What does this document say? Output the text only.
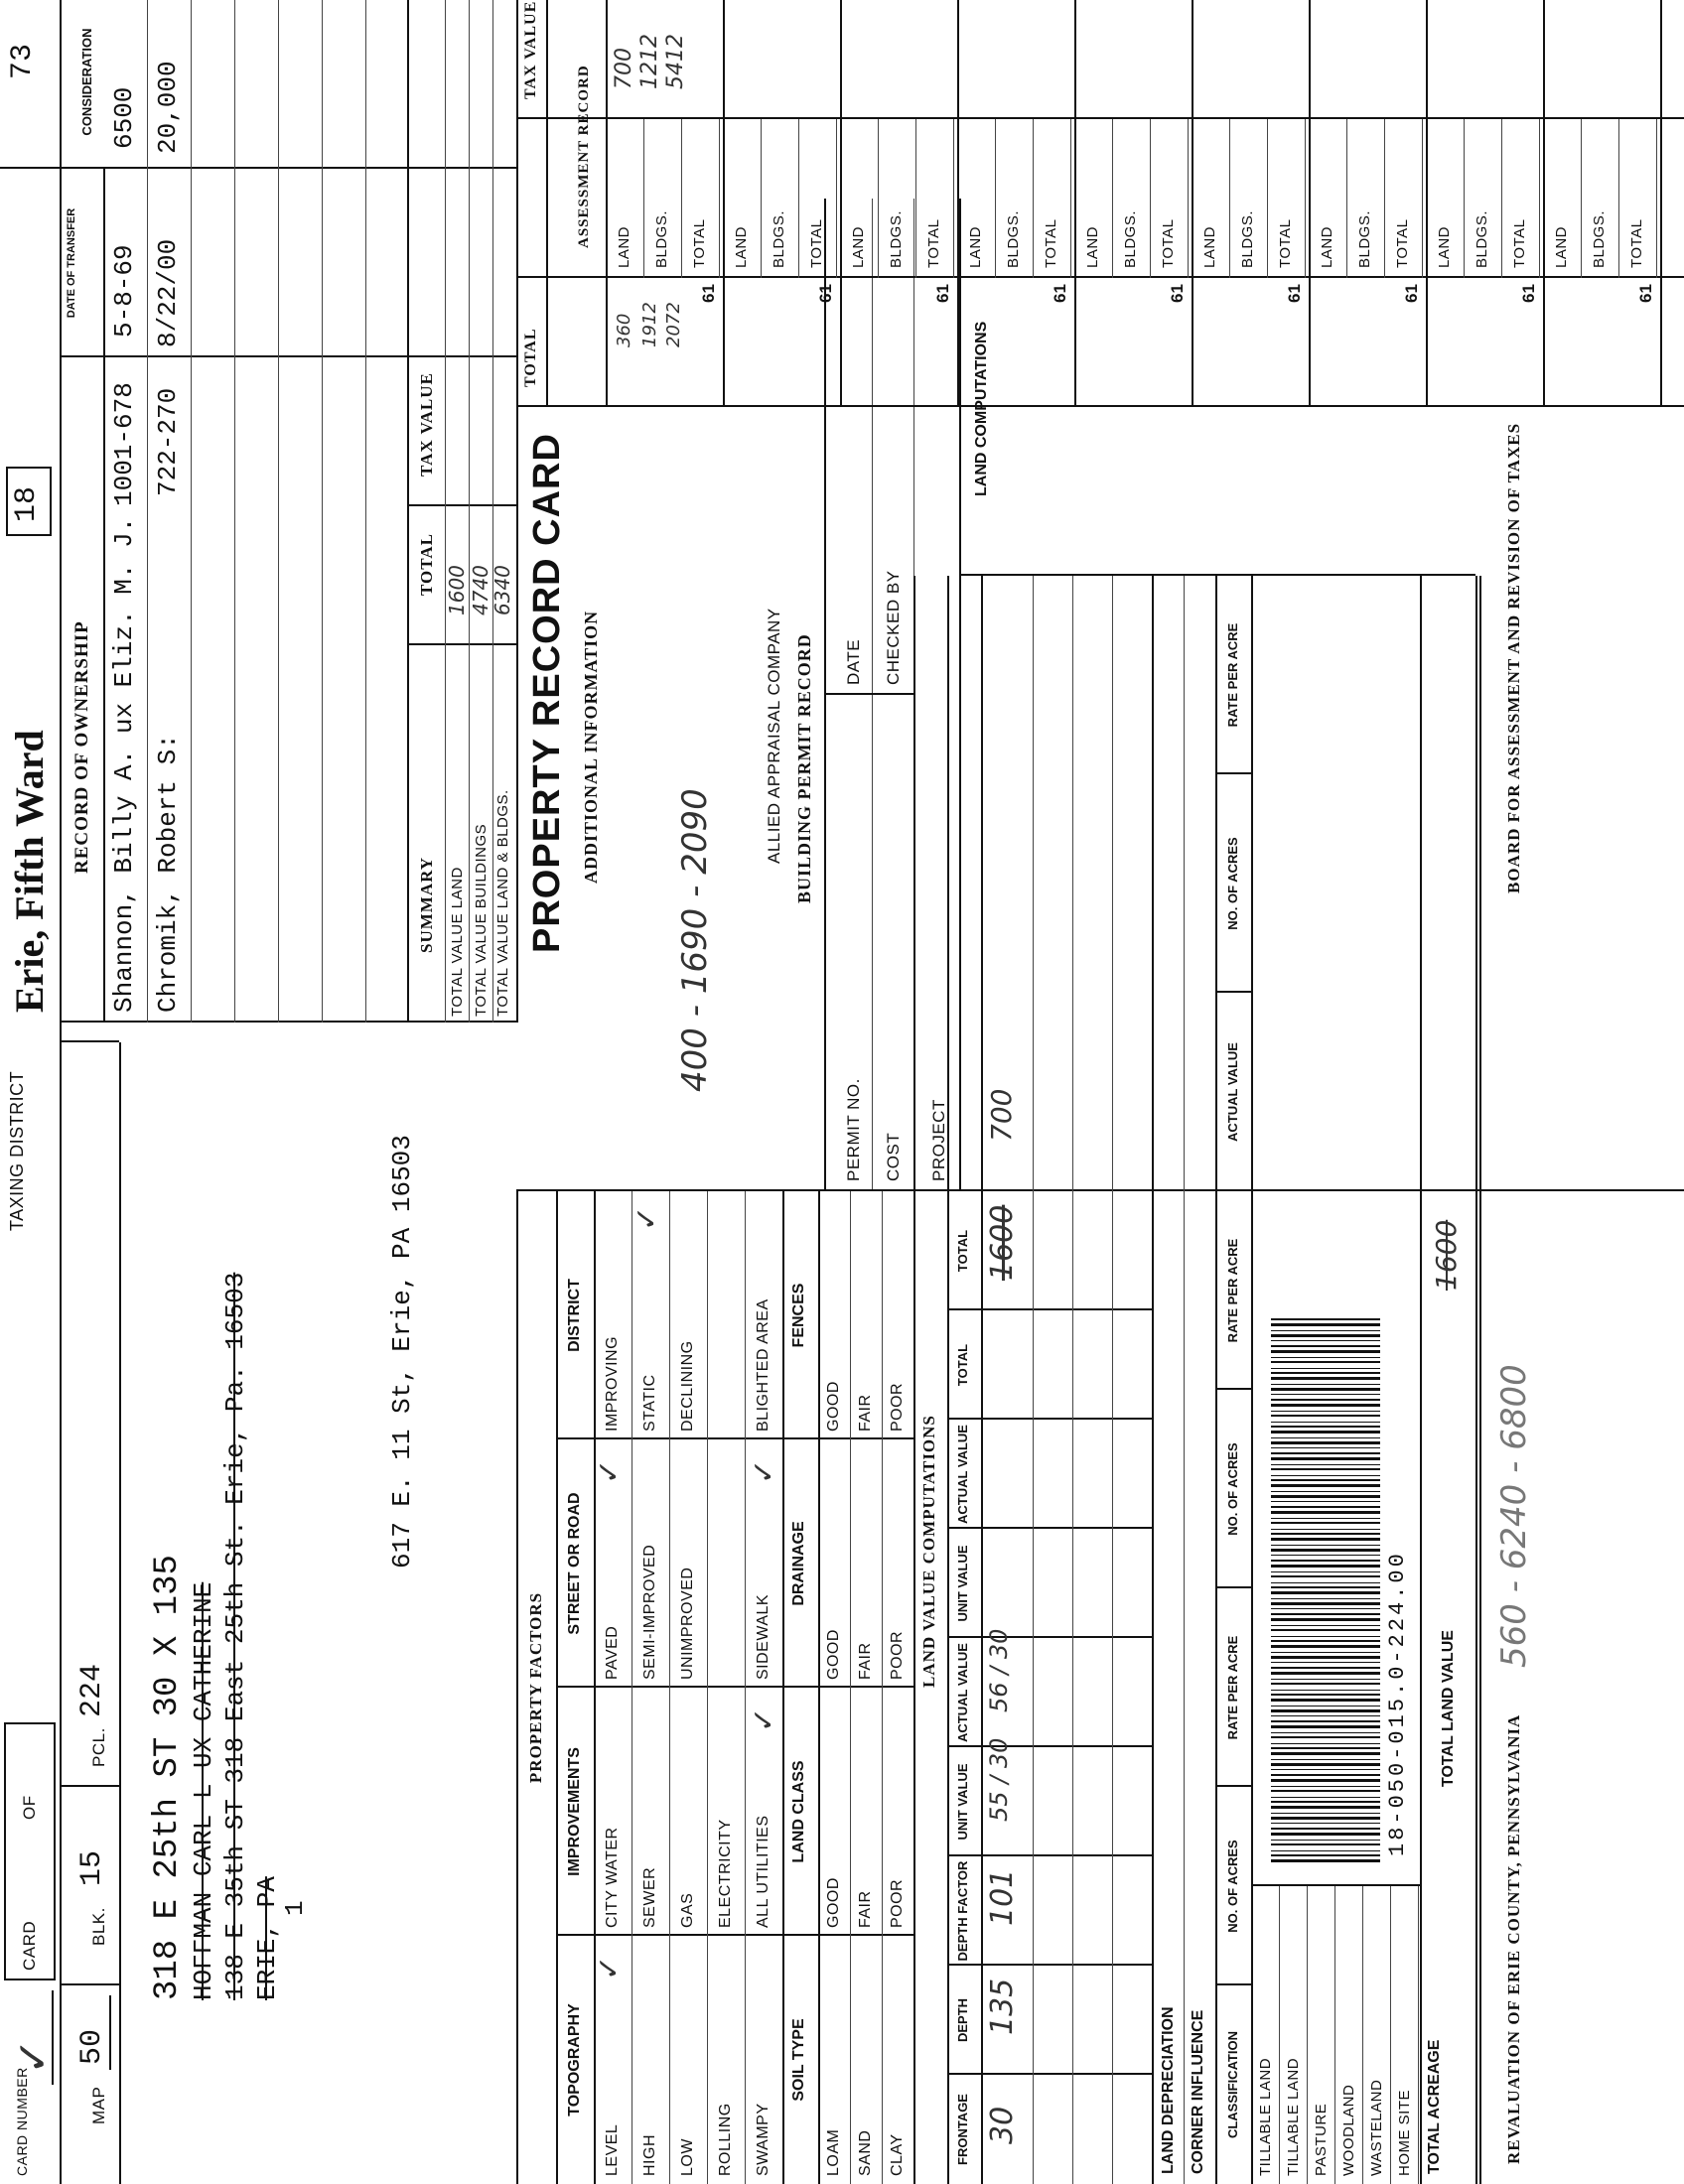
CARD NUMBER
✓
CARD
OF
TAXING DISTRICT
Erie, Fifth Ward
18
73
MAP
50
BLK.
15
PCL.
224 318 E 25th ST 30 X 135 HOFFMAN CARL L UX CATHERINE 138 E 35th ST 318 East 25th St. Erie, Pa. 16503 ERIE, PA
1
617 E. 11 St, Erie, PA 16503
RECORD OF OWNERSHIP
DATE OF TRANSFER
CONSIDERATION
Shannon, Billy A. ux Eliz. M. J.
1001-678
5-8-69
6500
Chromik, Robert S:
722-270
8/22/00
20,000
SUMMARY
TOTAL
TAX VALUE
TOTAL VALUE LAND
1600
TOTAL VALUE BUILDINGS
4740
TOTAL VALUE LAND & BLDGS.
6340 PROPERTY RECORD CARD ADDITIONAL INFORMATION
400 - 1690 - 2090
ALLIED APPRAISAL COMPANY BUILDING PERMIT RECORD
PERMIT NO.
DATE
COST
CHECKED BY
PROJECT
LAND COMPUTATIONS
TOTAL
TAX VALUE
ASSESSMENT RECORD LAND BLDGS. TOTAL
61
LAND BLDGS. TOTAL
61
LAND BLDGS. TOTAL
61
LAND BLDGS. TOTAL
61
LAND BLDGS. TOTAL
61
LAND BLDGS. TOTAL
61
LAND BLDGS. TOTAL
61
LAND BLDGS. TOTAL
61
LAND BLDGS. TOTAL
61
360 1912 2072
700 1212 5412
PROPERTY FACTORS
TOPOGRAPHY
IMPROVEMENTS
STREET OR ROAD
DISTRICT
LEVEL
CITY WATER
PAVED
IMPROVING
HIGH
SEWER
SEMI-IMPROVED
STATIC
LOW
GAS
UNIMPROVED
DECLINING
ROLLING
ELECTRICITY
SWAMPY
ALL UTILITIES
SIDEWALK
BLIGHTED AREA
✓
✓
✓	✓
✓
SOIL TYPE
LAND CLASS
DRAINAGE
FENCES
LOAM
GOOD
GOOD
GOOD
SAND
FAIR
FAIR
FAIR
CLAY
POOR
POOR
POOR
LAND VALUE COMPUTATIONS
FRONTAGE
DEPTH
DEPTH FACTOR
UNIT VALUE
ACTUAL VALUE
UNIT VALUE
ACTUAL VALUE
TOTAL
TOTAL
30
135
101
55 / 30
56 / 30
1600
700
LAND DEPRECIATION CORNER INFLUENCE CLASSIFICATION
NO. OF ACRES
RATE PER ACRE
NO. OF ACRES
RATE PER ACRE
ACTUAL VALUE
NO. OF ACRES
RATE PER ACRE
TILLABLE LAND TILLABLE LAND PASTURE WOODLAND WASTELAND HOME SITE
18-050-015.0-224.00
TOTAL ACREAGE
TOTAL LAND VALUE
1600
REVALUATION OF ERIE COUNTY, PENNSYLVANIA
560 - 6240 - 6800
BOARD FOR ASSESSMENT AND REVISION OF TAXES
